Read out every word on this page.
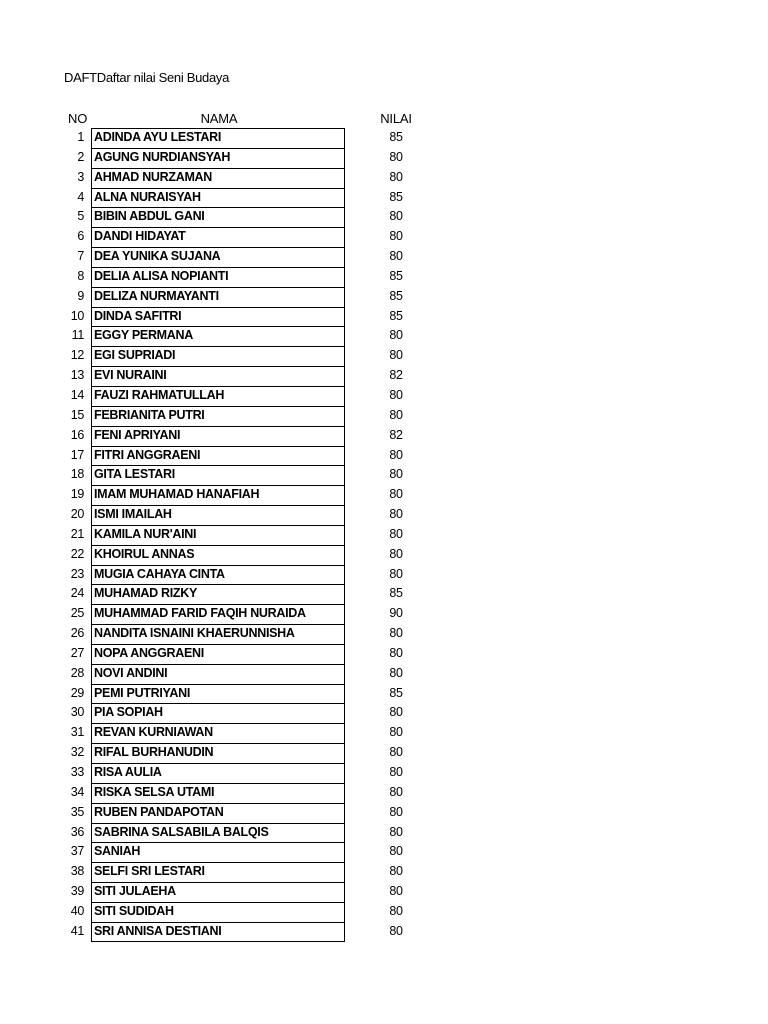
DAFTDaftar nilai Seni Budaya
NO	NAMA	NILAI
1 ADINDA AYU LESTARI	85
2 AGUNG NURDIANSYAH	80
3 AHMAD NURZAMAN	80
4 ALNA NURAISYAH	85
5 BIBIN ABDUL GANI	80
6 DANDI HIDAYAT	80
7 DEA YUNIKA SUJANA	80
8 DELIA ALISA NOPIANTI	85
9 DELIZA NURMAYANTI	85
10 DINDA SAFITRI	85
11 EGGY PERMANA	80
12 EGI SUPRIADI	80
13 EVI NURAINI	82
14 FAUZI RAHMATULLAH	80
15 FEBRIANITA PUTRI	80
16 FENI APRIYANI	82
17 FITRI ANGGRAENI	80
18 GITA LESTARI	80
19 IMAM MUHAMAD HANAFIAH	80
20 ISMI IMAILAH	80
21 KAMILA NUR'AINI	80
22 KHOIRUL ANNAS	80
23 MUGIA CAHAYA CINTA	80
24 MUHAMAD RIZKY	85
25 MUHAMMAD FARID FAQIH NURAIDA	90
26 NANDITA ISNAINI KHAERUNNISHA	80
27 NOPA ANGGRAENI	80
28 NOVI ANDINI	80
29 PEMI PUTRIYANI	85
30 PIA SOPIAH	80
31 REVAN KURNIAWAN	80
32 RIFAL BURHANUDIN	80
33 RISA AULIA	80
34 RISKA SELSA UTAMI	80
35 RUBEN PANDAPOTAN	80
36 SABRINA SALSABILA BALQIS	80
37 SANIAH	80
38 SELFI SRI LESTARI	80
39 SITI JULAEHA	80
40 SITI SUDIDAH	80
41 SRI ANNISA DESTIANI	80
